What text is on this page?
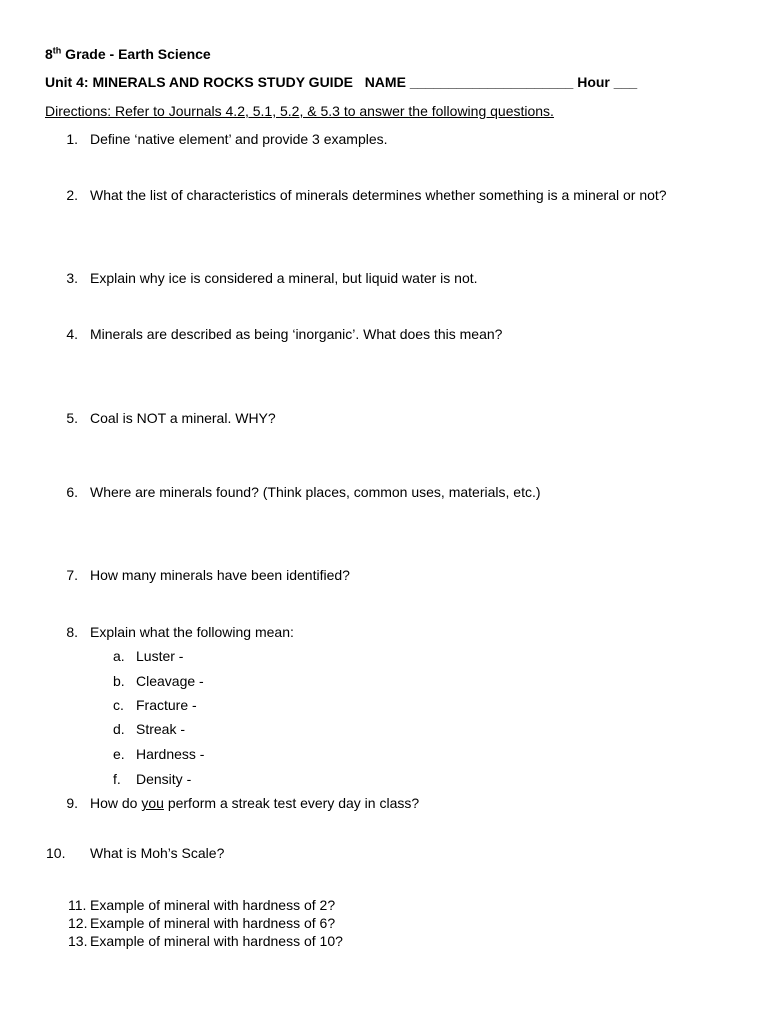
8th Grade - Earth Science
Unit 4: MINERALS AND ROCKS STUDY GUIDE NAME _____________________ Hour ___
Directions: Refer to Journals 4.2, 5.1, 5.2, & 5.3 to answer the following questions.
1. Define ‘native element’ and provide 3 examples.
2. What the list of characteristics of minerals determines whether something is a mineral or not?
3. Explain why ice is considered a mineral, but liquid water is not.
4. Minerals are described as being ‘inorganic’. What does this mean?
5. Coal is NOT a mineral. WHY?
6. Where are minerals found? (Think places, common uses, materials, etc.)
7. How many minerals have been identified?
8. Explain what the following mean:
a. Luster -
b. Cleavage -
c. Fracture -
d. Streak -
e. Hardness -
f.	Density -
9. How do you perform a streak test every day in class?
10.	What is Moh’s Scale?
11. Example of mineral with hardness of 2?
12. Example of mineral with hardness of 6?
13. Example of mineral with hardness of 10?
